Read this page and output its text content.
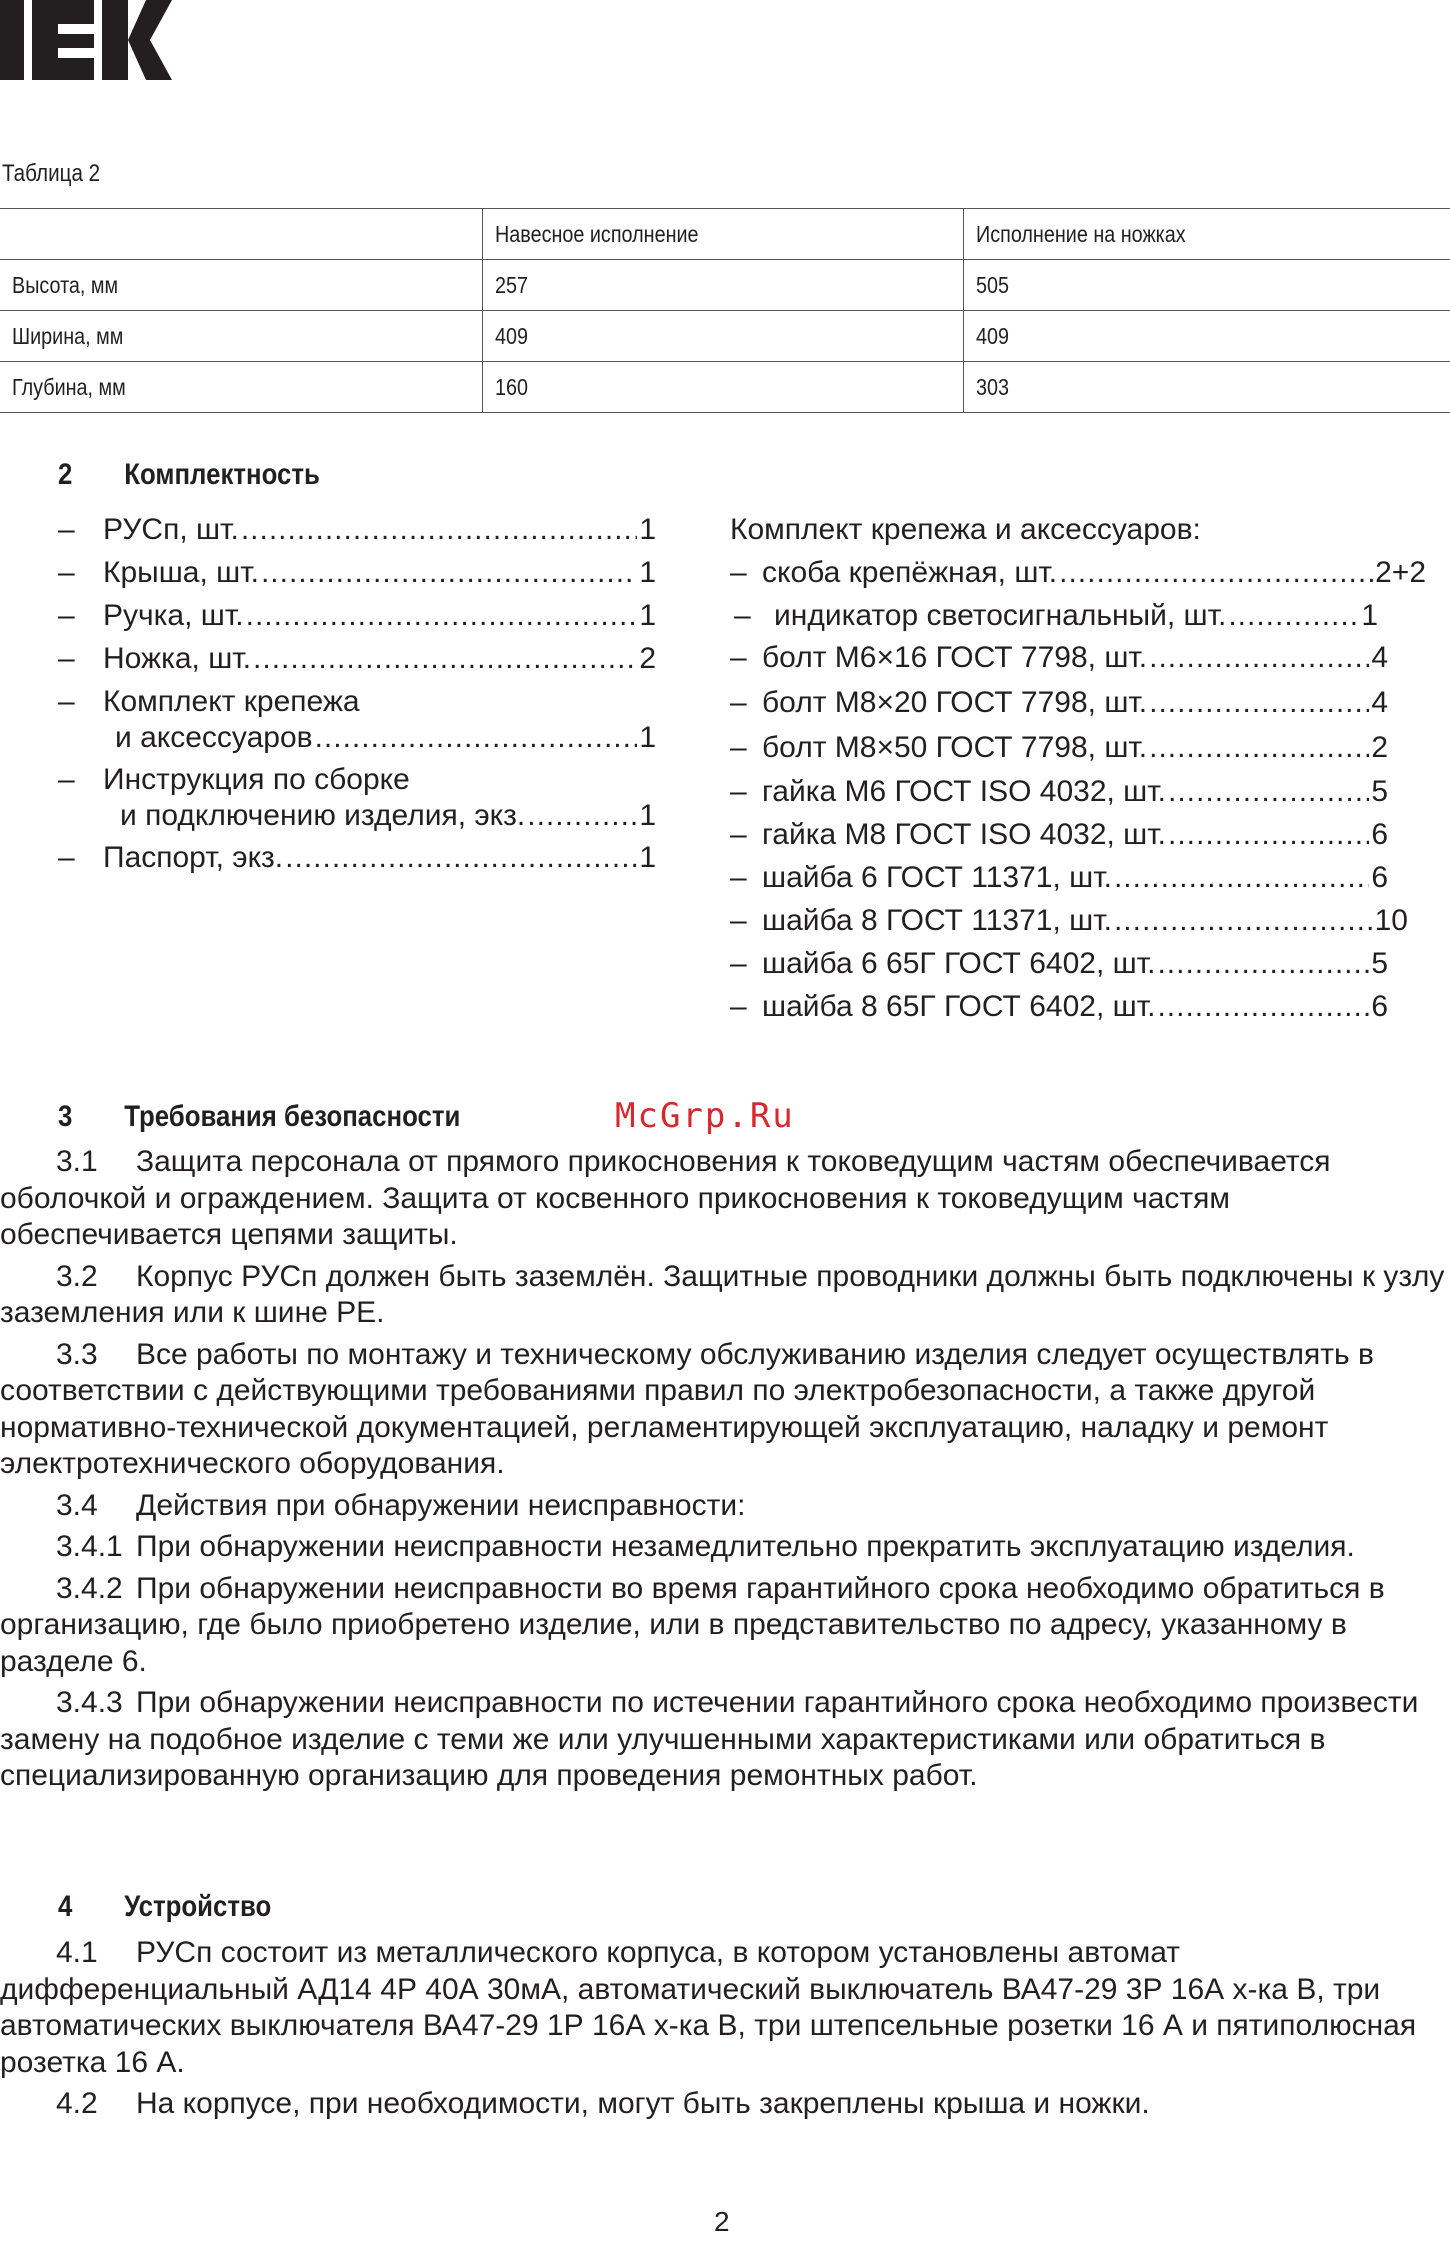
Таблица 2
	Навесное исполнение	Исполнение на ножках
Высота, мм	257	505
Ширина, мм	409	409
Глубина, мм	160	303
2 Комплектность
– РУСп, шт. .....	1
– Крыша, шт. .....	1
– Ручка, шт. .....	1
– Ножка, шт. .....	2
– Комплект крепежа
и аксессуаров .....	1
– Инструкция по сборке
и подключению изделия, экз. .....	1
– Паспорт, экз. .....	1
Комплект крепежа и аксессуаров:
– скоба крепёжная, шт. .....	2+2
– индикатор светосигнальный, шт. .....	1
– болт М6×16 ГОСТ 7798, шт. .....	4
– болт М8×20 ГОСТ 7798, шт. .....	4
– болт М8×50 ГОСТ 7798, шт. .....	2
– гайка М6 ГОСТ ISO 4032, шт. .....	5
– гайка М8 ГОСТ ISO 4032, шт. .....	6
– шайба 6 ГОСТ 11371, шт. .....	6
– шайба 8 ГОСТ 11371, шт. .....	10
– шайба 6 65Г ГОСТ 6402, шт. .....	5
– шайба 8 65Г ГОСТ 6402, шт. .....	6
3 Требования безопасности	McGrp.Ru

3.1 Защита персонала от прямого прикосновения к токоведущим частям обеспечивается оболочкой и ограждением. Защита от косвенного прикосновения к токоведущим частям обеспечивается цепями защиты.

3.2 Корпус РУСп должен быть заземлён. Защитные проводники должны быть подключены к узлу заземления или к шине PE.

3.3 Все работы по монтажу и техническому обслуживанию изделия следует осуществлять в соответствии с действующими требованиями правил по электробезопасности, а также другой нормативно-технической документацией, регламентирующей эксплуатацию, наладку и ремонт электротехнического оборудования.

3.4 Действия при обнаружении неисправности:

3.4.1 При обнаружении неисправности незамедлительно прекратить эксплуатацию изделия.

3.4.2 При обнаружении неисправности во время гарантийного срока необходимо обратиться в организацию, где было приобретено изделие, или в представительство по адресу, указанному в разделе 6.

3.4.3 При обнаружении неисправности по истечении гарантийного срока необходимо произвести замену на подобное изделие с теми же или улучшенными характеристиками или обратиться в специализированную организацию для проведения ремонтных работ.

4 Устройство

4.1 РУСп состоит из металлического корпуса, в котором установлены автомат дифференциальный АД14 4Р 40А 30мА, автоматический выключатель ВА47-29 3Р 16А х-ка В, три автоматических выключателя ВА47-29 1Р 16А х-ка В, три штепсельные розетки 16 А и пятиполюсная розетка 16 А.

4.2 На корпусе, при необходимости, могут быть закреплены крыша и ножки.

2
